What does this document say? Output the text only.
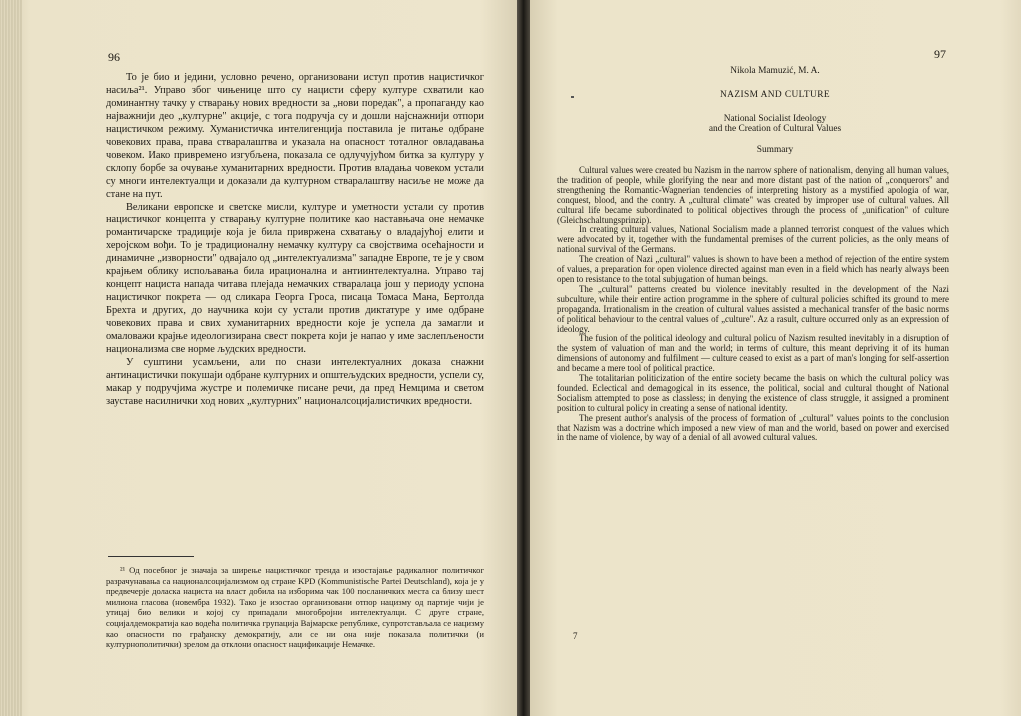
96

То је био и једини, условно речено, организовани иступ против нацистичког насиља²¹. Управо због чињенице што су нацисти сферу културе схватили као доминантну тачку у стварању нових вредности за „нови поредак", а пропаганду као најважнији део „културне" акције, с тога подручја су и дошли најснажнији отпори нацистичком режиму. Хуманистичка интелигенција поставила је питање одбране човекових права, права стваралаштва и указала на опасност тоталног овладавања човеком. Иако привремено изгубљена, показала се одлучујућом битка за културу у склопу борбе за очување хуманитарних вредности. Против владања човеком устали су многи интелектуалци и доказали да културном стваралаштву насиље не може да стане на пут.

Великани европске и светске мисли, културе и уметности устали су против нацистичког концепта у стварању културне политике као наставњача оне немачке романтичарске традиције која је била привржена схватању о владајућој елити и херојском вођи. То је традиционалну немачку културу са својствима осећајности и динамичне „изворности" одвајало од „интелектуализма" западне Европе, те је у свом крајњем облику испољавања била ирационална и антиинтелектуална. Управо тај концепт нациста напада читава плејада немачких стваралаца још у периоду успона нацистичког покрета — од сликара Георга Гроса, писаца Томаса Мана, Бертолда Брехта и других, до научника који су устали против диктатуре у име одбране човекових права и свих хуманитарних вредности које је успела да замагли и омаловажи крајње идеологизирана свест покрета који је напао у име заслепљености национализма све норме људских вредности.

У суштини усамљени, али по снази интелектуалних доказа снажни антинацистички покушаји одбране културних и општељудских вредности, успели су, макар у подручјима жустре и полемичке писане речи, да пред Немцима и светом зауставе насилнички ход нових „културних" националсоцијалистичких вредности.

²¹ Од посебног је значаја за ширење нацистичког тренда и изостајање радикалног политичког разрачунавања са националсоцијализмом од стране KPD (Kommunistische Partei Deutschland), која је у предвечерје доласка нациста на власт добила на изборима чак 100 посланичких места са близу шест милиона гласова (новембра 1932). Тако је изостао организовани отпор нацизму од партије чији је утицај био велики и којој су припадали многобројни интелектуалци. С друге стране, социјалдемократија као водећа политичка групација Вајмарске републике, супротстављала се нацизму као опасности по грађанску демократију, али се ни она није показала политички (и културнополитички) зрелом да отклони опасност нацификације Немачке.
97
Nikola Mamuzić, M. A.
NAZISM AND CULTURE
National Socialist Ideology
and the Creation of Cultural Values
Summary

Cultural values were created bu Nazism in the narrow sphere of nationalism, denying all human values, the tradition of people, while glorifying the near and more distant past of the nation of „conquerors" and strengthening the Romantic-Wagnerian tendencies of interpreting history as a mystified apologia of war, conquest, blood, and the contry. A „cultural climate" was created by improper use of cultural values. All cultural life became subordinated to political objectives through the process of „unification" of culture (Gleichschaltungsprinzip).

In creating cultural values, National Socialism made a planned terrorist conquest of the values which were advocated by it, together with the fundamental premises of the current policies, as the only means of national survival of the Germans.

The creation of Nazi „cultural" values is shown to have been a method of rejection of the entire system of values, a preparation for open violence directed against man even in a field which has nearly always been open to resistance to the total subjugation of human beings.

The „cultural" patterns created bu violence inevitably resulted in the development of the Nazi subculture, while their entire action programme in the sphere of cultural policies schifted its ground to mere propaganda. Irrationalism in the creation of cultural values assisted a mechanical transfer of the basic norms of political behaviour to the central values of „culture". Az a rasult, culture occurred only as an expression of ideology.

The fusion of the political ideology and cultural policu of Nazism resulted inevitably in a disruption of the system of valuation of man and the world; in terms of culture, this meant depriving it of its human dimensions of autonomy and fulfilment — culture ceased to exist as a part of man's longing for self-assertion and became a mere tool of political practice.

The totalitarian politicization of the entire society became the basis on which the cultural policy was founded. Eclectical and demagogical in its essence, the political, social and cultural thought of National Socialism attempted to pose as classless; in denying the existence of class struggle, it assigned a prominent position to cultural policy in creating a sense of national identity.

The present author's analysis of the process of formation of „cultural" values points to the conclusion that Nazism was a doctrine which imposed a new view of man and the world, based on power and exercised in the name of violence, by way of a denial of all avowed cultural values.

7
